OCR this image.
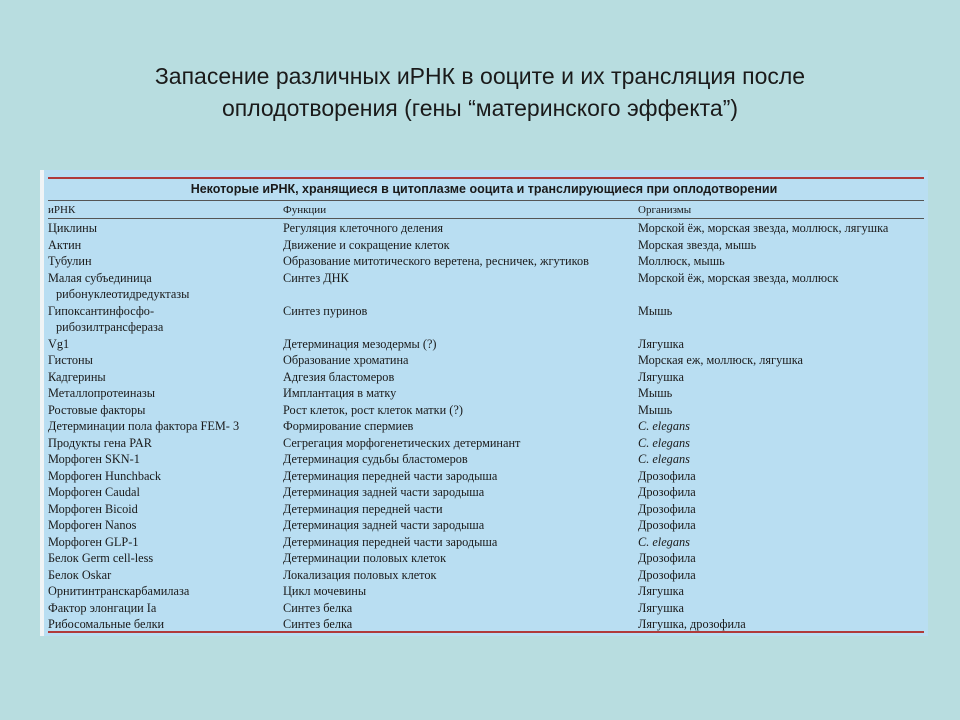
Запасение различных иРНК в ооците и их трансляция после
оплодотворения (гены “материнского эффекта”)
Некоторые иРНК, хранящиеся в цитоплазме ооцита и транслирующиеся при оплодотворении
иРНК	Функции	Организмы
Циклины	Регуляция клеточного деления	Морской ёж, морская звезда, моллюск, лягушка
Актин	Движение и сокращение клеток	Морская звезда, мышь
Тубулин	Образование митотического веретена, ресничек, жгутиков	Моллюск, мышь
Малая субъединица
рибонуклеотидредуктазы
Синтез ДНК	Морской ёж, морская звезда, моллюск
Гипоксантинфосфо-
рибозилтрансфераза
Синтез пуринов	Мышь
Vg1	Детерминация мезодермы (?)	Лягушка
Гистоны	Образование хроматина	Морская еж, моллюск, лягушка
Кадгерины	Адгезия бластомеров	Лягушка
Металлопротеиназы	Имплантация в матку	Мышь
Ростовые факторы	Рост клеток, рост клеток матки (?)	Мышь
Детерминации пола фактора FEM- 3	Формирование спермиев	C. elegans
Продукты гена PAR	Сегрегация морфогенетических детерминант	C. elegans
Морфоген SKN-1	Детерминация судьбы бластомеров	C. elegans
Морфоген Hunchback	Детерминация передней части зародыша	Дрозофила
Морфоген Caudal	Детерминация задней части зародыша	Дрозофила
Морфоген Bicoid	Детерминация передней части	Дрозофила
Морфоген Nanos	Детерминация задней части зародыша	Дрозофила
Морфоген GLP-1	Детерминация передней части зародыша	C. elegans
Белок Germ cell-less	Детерминации половых клеток	Дрозофила
Белок Oskar	Локализация половых клеток	Дрозофила
Орнитинтранскарбамилаза	Цикл мочевины	Лягушка
Фактор элонгации Ia	Синтез белка	Лягушка
Рибосомальные белки	Синтез белка	Лягушка, дрозофила
